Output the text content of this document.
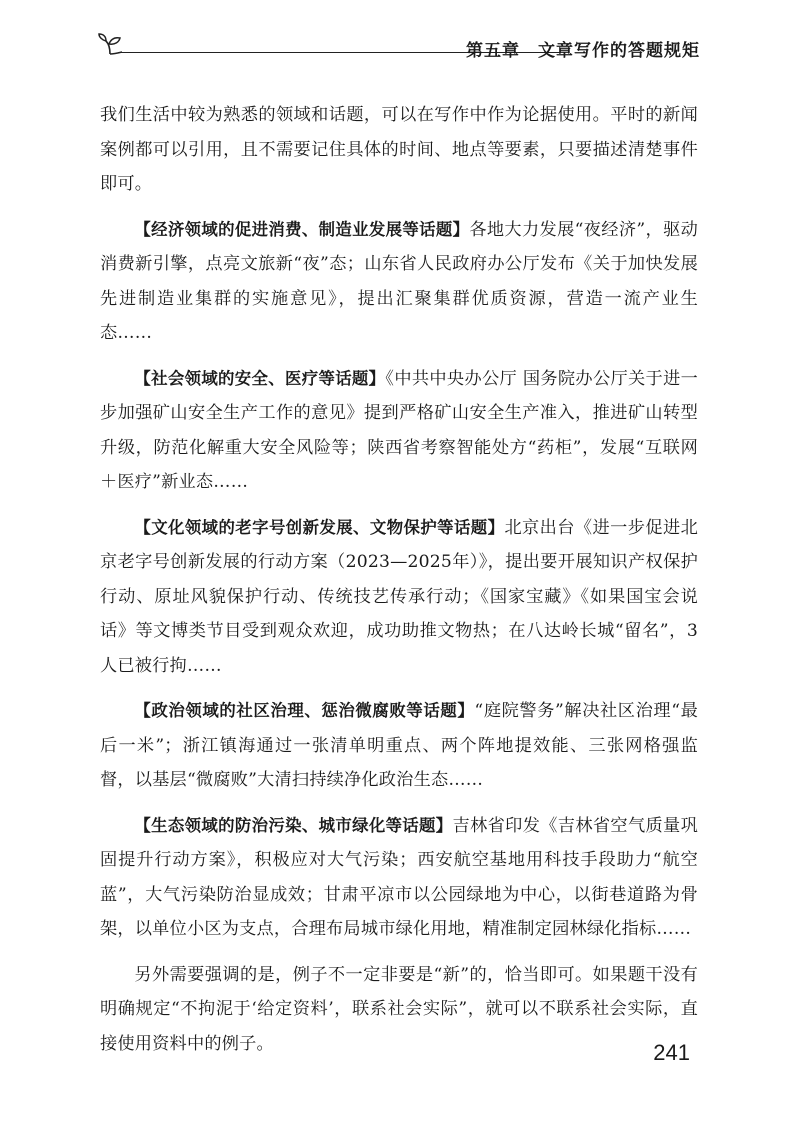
第五章　文章写作的答题规矩

我们生活中较为熟悉的领域和话题，可以在写作中作为论据使用。平时的新闻案例都可以引用，且不需要记住具体的时间、地点等要素，只要描述清楚事件即可。

【经济领域的促进消费、制造业发展等话题】各地大力发展“夜经济”，驱动消费新引擎，点亮文旅新“夜”态；山东省人民政府办公厅发布《关于加快发展先进制造业集群的实施意见》，提出汇聚集群优质资源，营造一流产业生态……

【社会领域的安全、医疗等话题】《中共中央办公厅 国务院办公厅关于进一步加强矿山安全生产工作的意见》提到严格矿山安全生产准入，推进矿山转型升级，防范化解重大安全风险等；陕西省考察智能处方“药柜”，发展“互联网＋医疗”新业态……

【文化领域的老字号创新发展、文物保护等话题】北京出台《进一步促进北京老字号创新发展的行动方案（2023—2025年）》，提出要开展知识产权保护行动、原址风貌保护行动、传统技艺传承行动；《国家宝藏》《如果国宝会说话》等文博类节目受到观众欢迎，成功助推文物热；在八达岭长城“留名”，3人已被行拘……

【政治领域的社区治理、惩治微腐败等话题】“庭院警务”解决社区治理“最后一米”；浙江镇海通过一张清单明重点、两个阵地提效能、三张网格强监督，以基层“微腐败”大清扫持续净化政治生态……

【生态领域的防治污染、城市绿化等话题】吉林省印发《吉林省空气质量巩固提升行动方案》，积极应对大气污染；西安航空基地用科技手段助力“航空蓝”，大气污染防治显成效；甘肃平凉市以公园绿地为中心，以街巷道路为骨架，以单位小区为支点，合理布局城市绿化用地，精准制定园林绿化指标……

另外需要强调的是，例子不一定非要是“新”的，恰当即可。如果题干没有明确规定“不拘泥于‘给定资料’，联系社会实际”，就可以不联系社会实际，直接使用资料中的例子。	241
